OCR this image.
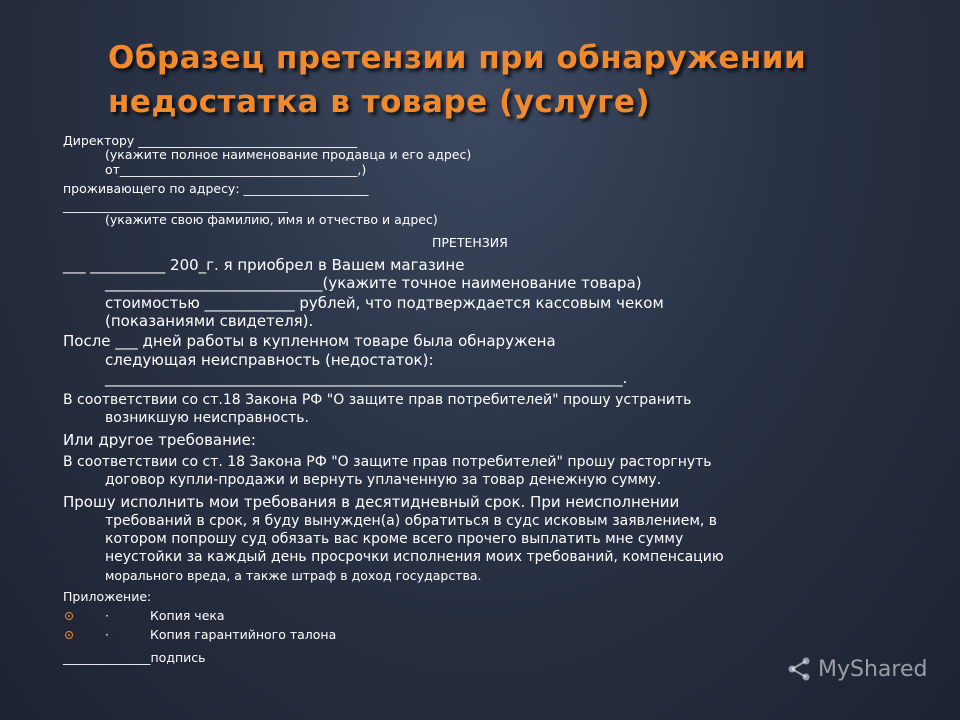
Образец претензии при обнаружении
недостатка в товаре (услуге)
Директору ___________________________________
(укажите полное наименование продавца и его адрес)
от______________________________________,)
проживающего по адресу: ____________________
____________________________________
(укажите свою фамилию, имя и отчество и адрес)
ПРЕТЕНЗИЯ
___ __________ 200_г. я приобрел в Вашем магазине
_____________________________(укажите точное наименование товара)
стоимостью ____________ рублей, что подтверждается кассовым чеком
(показаниями свидетеля).
После ___ дней работы в купленном товаре была обнаружена
следующая неисправность (недостаток):
_____________________________________________________________________.
В соответствии со ст.18 Закона РФ "О защите прав потребителей" прошу устранить
возникшую неисправность.
Или другое требование:
В соответствии со ст. 18 Закона РФ "О защите прав потребителей" прошу расторгнуть
договор купли-продажи и вернуть уплаченную за товар денежную сумму.
Прошу исполнить мои требования в десятидневный срок. При неисполнении
требований в срок, я буду вынужден(а) обратиться в судс исковым заявлением, в
котором попрошу суд обязать вас кроме всего прочего выплатить мне сумму
неустойки за каждый день просрочки исполнения моих требований, компенсацию
морального вреда, а также штраф в доход государства.
Приложение:
·	Копия чека
·	Копия гарантийного талона
______________подпись	MyShared
